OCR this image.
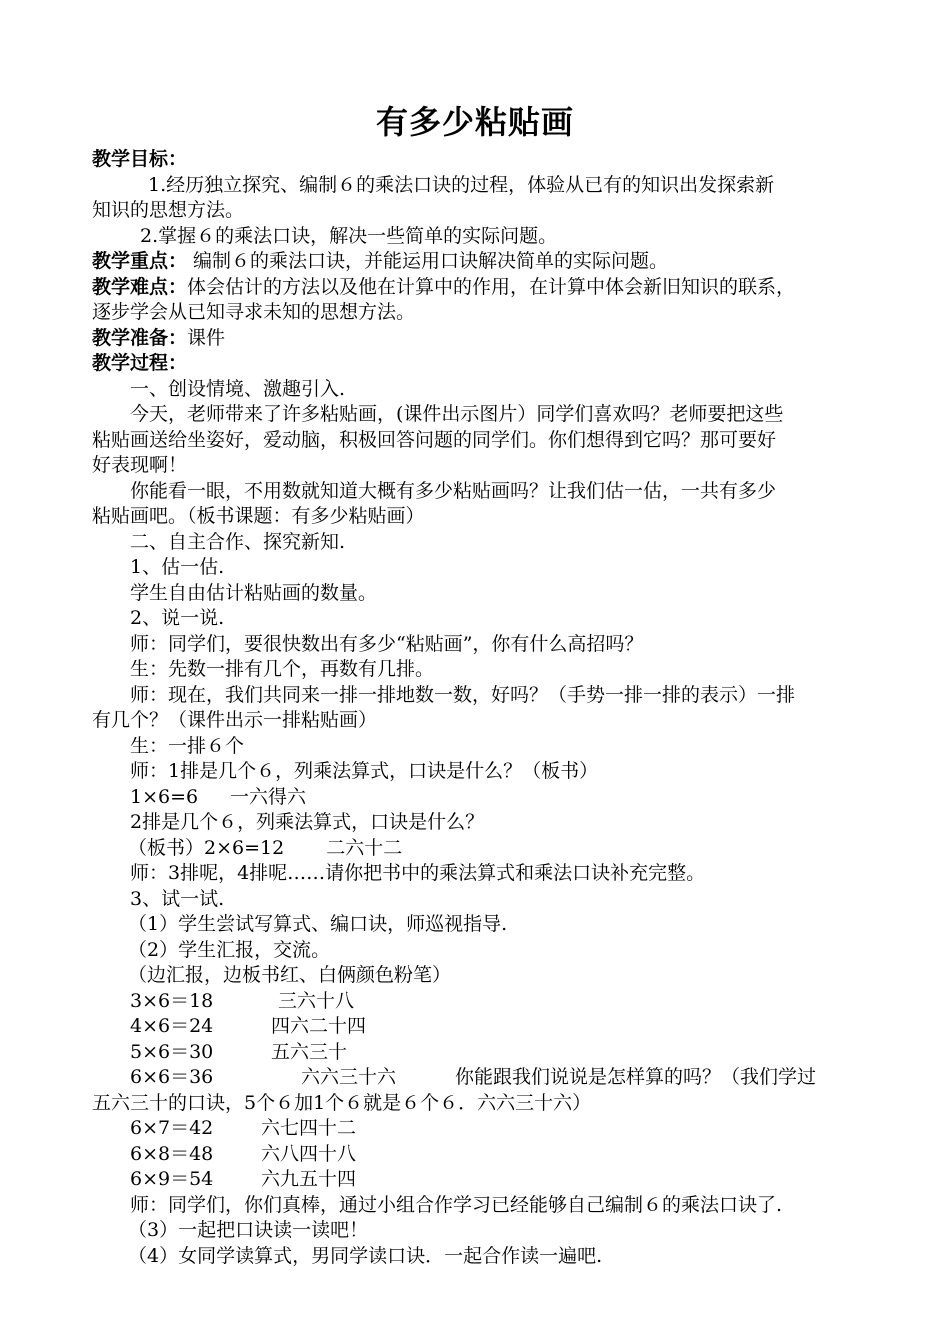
有多少粘贴画
教学目标：
1.经历独立探究、编制６的乘法口诀的过程，体验从已有的知识出发探索新
知识的思想方法。
2.掌握６的乘法口诀，解决一些简单的实际问题。
教学重点： 编制６的乘法口诀，并能运用口诀解决简单的实际问题。
教学难点：体会估计的方法以及他在计算中的作用，在计算中体会新旧知识的联系，
逐步学会从已知寻求未知的思想方法。
教学准备：课件
教学过程：
一、创设情境、激趣引入.
今天，老师带来了许多粘贴画，(课件出示图片）同学们喜欢吗？老师要把这些
粘贴画送给坐姿好，爱动脑，积极回答问题的同学们。你们想得到它吗？那可要好
好表现啊！
你能看一眼，不用数就知道大概有多少粘贴画吗？让我们估一估，一共有多少
粘贴画吧。（板书课题：有多少粘贴画）
二、自主合作、探究新知.
1、估一估.
学生自由估计粘贴画的数量。
2、说一说.
师：同学们，要很快数出有多少“粘贴画”，你有什么高招吗？
生：先数一排有几个，再数有几排。
师：现在，我们共同来一排一排地数一数，好吗？（手势一排一排的表示）一排
有几个？（课件出示一排粘贴画）
生：一排６个
师：1排是几个６，列乘法算式，口诀是什么？（板书）
1×6=6 一六得六
2排是几个６，列乘法算式，口诀是什么？
（板书）2×6=12 二六十二
师：3排呢，4排呢……请你把书中的乘法算式和乘法口诀补充完整。
3、试一试.
（1）学生尝试写算式、编口诀，师巡视指导.
（2）学生汇报，交流。
（边汇报，边板书红、白俩颜色粉笔）
3×6＝18	三六十八
4×6＝24	四六二十四
5×6＝30	五六三十
6×6＝36	六六三十六	你能跟我们说说是怎样算的吗？（我们学过
五六三十的口诀，5个６加1个６就是６个６．六六三十六）
6×7＝42	六七四十二
6×8＝48	六八四十八
6×9＝54	六九五十四
师：同学们，你们真棒，通过小组合作学习已经能够自己编制６的乘法口诀了.
（3）一起把口诀读一读吧！
（4）女同学读算式，男同学读口诀．一起合作读一遍吧.
